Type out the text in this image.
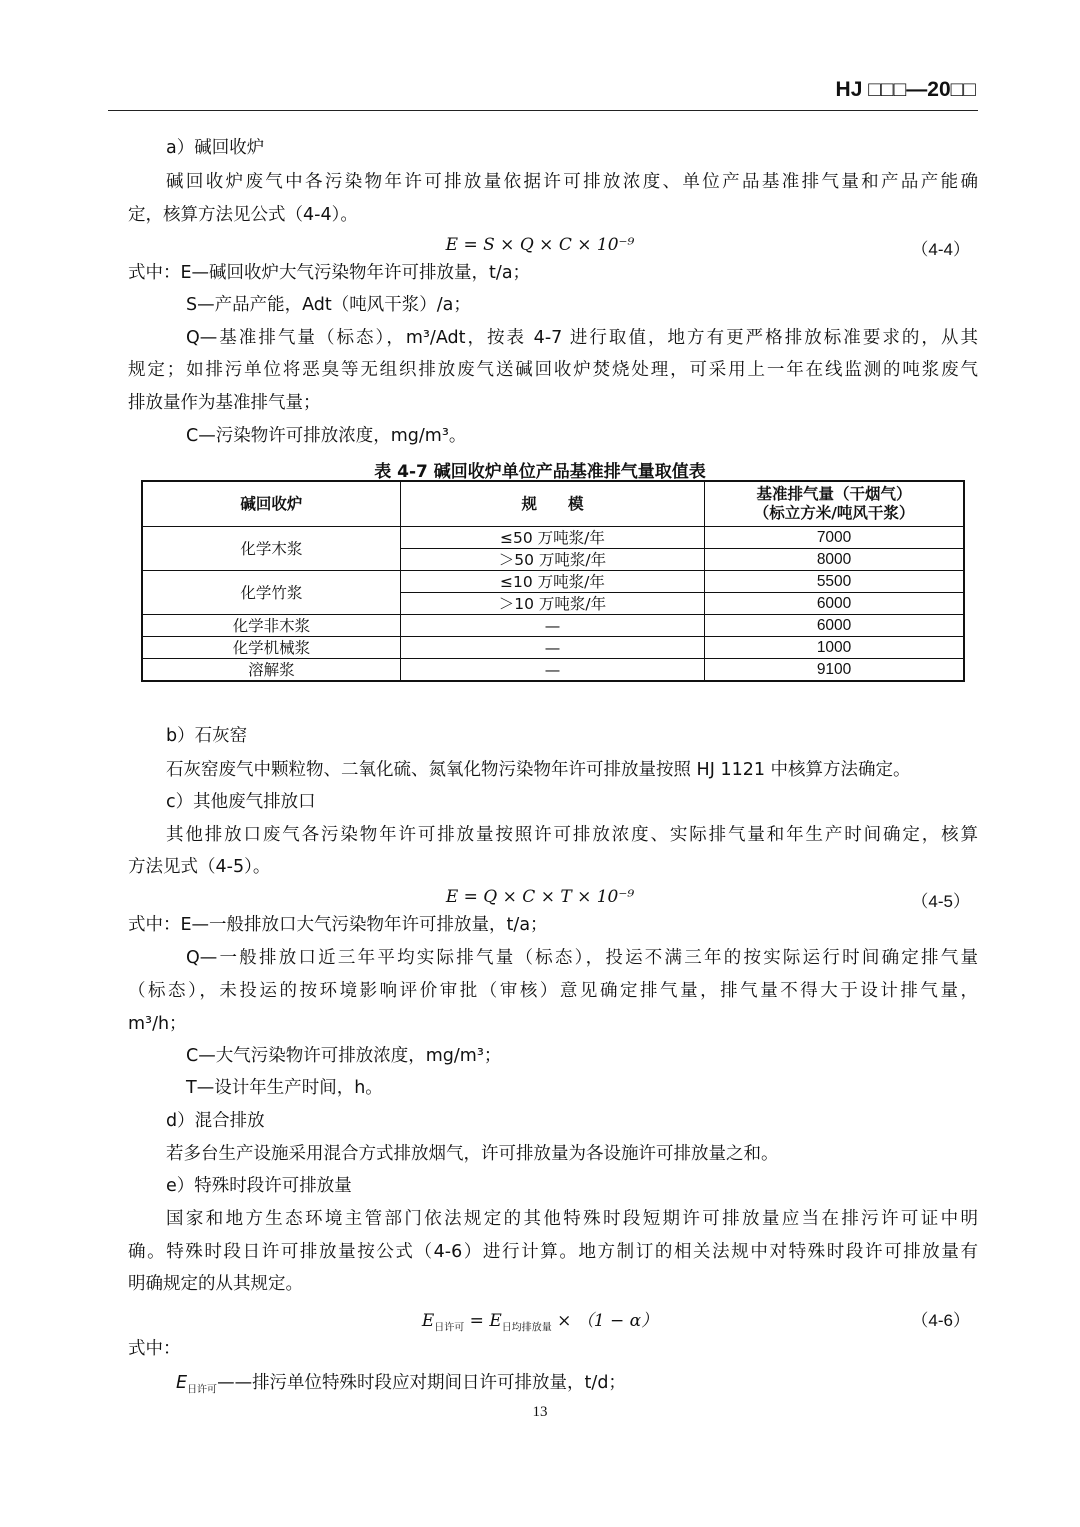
HJ □□□—20□□
a）碱回收炉
碱回收炉废气中各污染物年许可排放量依据许可排放浓度、单位产品基准排气量和产品产能确
定，核算方法见公式（4-4）。
E = S × Q × C × 10⁻⁹	（4-4）
式中：E—碱回收炉大气污染物年许可排放量，t/a；
S—产品产能，Adt（吨风干浆）/a；
Q—基准排气量（标态），m³/Adt，按表 4-7 进行取值，地方有更严格排放标准要求的，从其
规定；如排污单位将恶臭等无组织排放废气送碱回收炉焚烧处理，可采用上一年在线监测的吨浆废气
排放量作为基准排气量；
C—污染物许可排放浓度，mg/m³。
表 4-7 碱回收炉单位产品基准排气量取值表
碱回收炉	规　　模	基准排气量（干烟气）
（标立方米/吨风干浆）

化学木浆	≤50 万吨浆/年	7000
	＞50 万吨浆/年	8000
化学竹浆	≤10 万吨浆/年	5500
	＞10 万吨浆/年	6000
化学非木浆	—	6000
化学机械浆	—	1000
溶解浆	—	9100
b）石灰窑
石灰窑废气中颗粒物、二氧化硫、氮氧化物污染物年许可排放量按照 HJ 1121 中核算方法确定。
c）其他废气排放口
其他排放口废气各污染物年许可排放量按照许可排放浓度、实际排气量和年生产时间确定，核算
方法见式（4-5）。
E = Q × C × T × 10⁻⁹	（4-5）
式中：E—一般排放口大气污染物年许可排放量，t/a；
Q—一般排放口近三年平均实际排气量（标态），投运不满三年的按实际运行时间确定排气量
（标态），未投运的按环境影响评价审批（审核）意见确定排气量，排气量不得大于设计排气量，
m³/h；
C—大气污染物许可排放浓度，mg/m³；
T—设计年生产时间，h。
d）混合排放
若多台生产设施采用混合方式排放烟气，许可排放量为各设施许可排放量之和。
e）特殊时段许可排放量
国家和地方生态环境主管部门依法规定的其他特殊时段短期许可排放量应当在排污许可证中明
确。特殊时段日许可排放量按公式（4-6）进行计算。地方制订的相关法规中对特殊时段许可排放量有
明确规定的从其规定。
$E_{日许可} = E_{日均排放量} \times (1 - \alpha)$	（4-6）
式中：
$E_{日许可}——$排污单位特殊时段应对期间日许可排放量，t/d；
13
